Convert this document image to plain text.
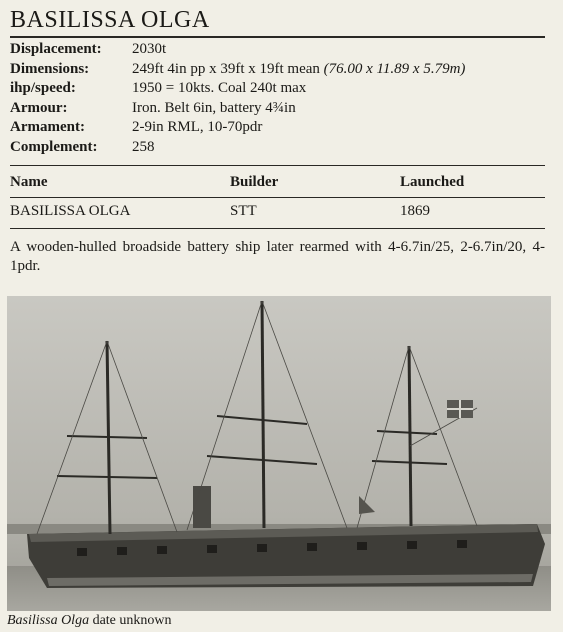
BASILISSA OLGA
Displacement:	2030t
Dimensions:	249ft 4in pp x 39ft x 19ft mean (76.00 x 11.89 x 5.79m)
ihp/speed:	1950 = 10kts. Coal 240t max
Armour:	Iron. Belt 6in, battery 4¾in
Armament:	2-9in RML, 10-70pdr
Complement:	258
Name	Builder	Launched
BASILISSA OLGA	STT	1869
A wooden-hulled broadside battery ship later rearmed with 4-6.7in/25, 2-6.7in/20, 4-1pdr.
Basilissa Olga date unknown
